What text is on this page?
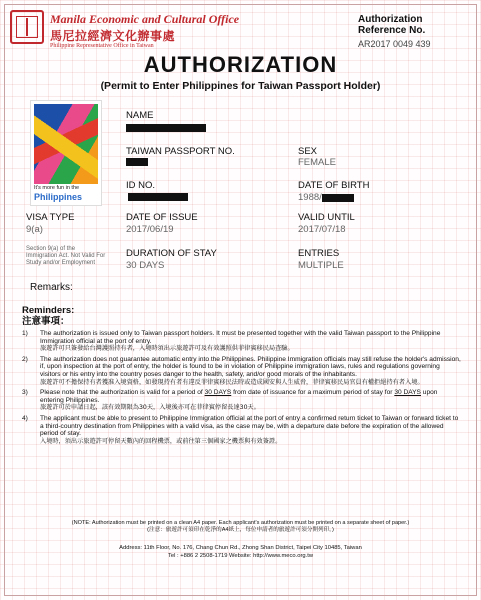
Manila Economic and Cultural Office
馬尼拉經濟文化辦事處
Philippine Representative Office in Taiwan
Authorization Reference No.
AR2017 0049 439
AUTHORIZATION
(Permit to Enter Philippines for Taiwan Passport Holder)
It's more fun in the
Philippines
NAME
TAIWAN PASSPORT NO.	SEX
FEMALE
ID NO.	DATE OF BIRTH
1988/
VISA TYPE
9(a)
DATE OF ISSUE
2017/06/19
VALID UNTIL
2017/07/18
Section 9(a) of the Immigration Act. Not Valid For Study and/or Employment
DURATION OF STAY
30 DAYS
ENTRIES
MULTIPLE
Remarks:
Reminders:
注意事項：
1) The authorization is issued only to Taiwan passport holders. It must be presented together with the valid Taiwan passport to the Philippine Immigration official at the port of entry.
旅遊許可只簽發給台灣護照持有者，入境時須出示旅遊許可及有效護照供菲律賓移民局查驗。
2) The authorization does not guarantee automatic entry into the Philippines. Philippine Immigration officials may still refuse the holder's admission, if, upon inspection at the port of entry, the holder is found to be in violation of Philippine immigration laws, rules and regulations governing visitors or his entry into the country poses danger to the health, safety, and/or good morals of the inhabitants.
旅遊許可不擔保持有者獲准入境資格，如發現持有者有違反菲律賓移民法時或造成國安與人生威脅，菲律賓移民局官員有權拒絕持有者入境。
3) Please note that the authorization is valid for a period of 30 DAYS from date of issuance for a maximum period of stay for 30 DAYS upon entering Philippines.
旅遊許可於申請日起，該有效期限為30天，入境後亦可在菲律賓停留長達30天。
4) The applicant must be able to present to Philippine Immigration official at the port of entry a confirmed return ticket to Taiwan or forward ticket to a third-country destination from Philippines with a valid visa, as the case may be, with a departure date before the expiration of the allowed period of stay.
入境時，須出示旅遊許可停留天數內的回程機票，或前往第三個國家之機票與有效簽證。
(NOTE: Authorization must be printed on a clean A4 paper. Each applicant's authorization must be printed on a separate sheet of paper.)
(注意：旅遊許可須印在乾淨的A4紙上，每位申請者的旅遊許可須分開列印。)
Address: 11th Floor, No. 176, Chang Chun Rd., Zhong Shan District, Taipei City 10485, Taiwan
Tel : +886 2 2508-1719 Website: http://www.meco.org.tw
